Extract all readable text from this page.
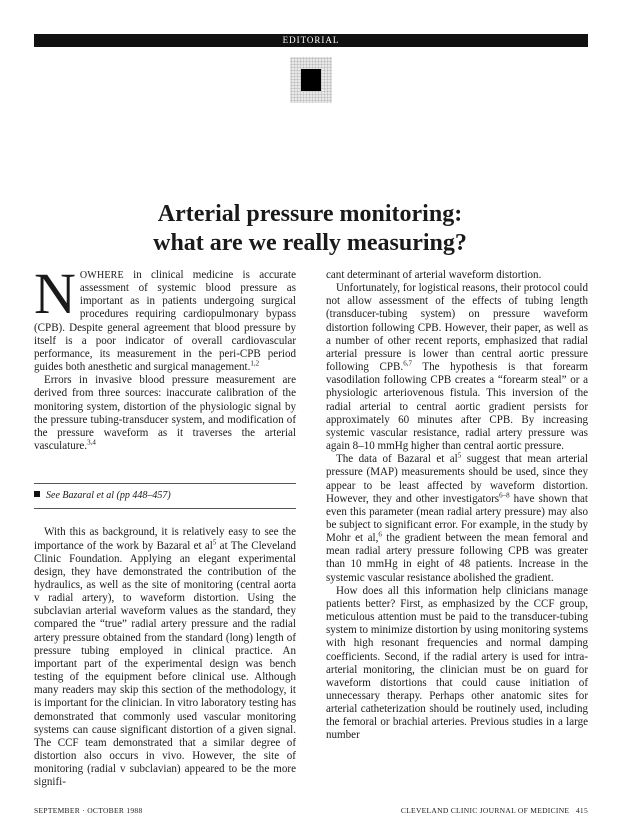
EDITORIAL
Arterial pressure monitoring:
what are we really measuring?

NOWHERE in clinical medicine is accurate assessment of systemic blood pressure as important as in patients undergoing surgical procedures requiring cardiopulmonary bypass (CPB). Despite general agreement that blood pressure by itself is a poor indicator of overall cardiovascular performance, its measurement in the peri-CPB period guides both anesthetic and surgical management.$^{1,2}$

Errors in invasive blood pressure measurement are derived from three sources: inaccurate calibration of the monitoring system, distortion of the physiologic signal by the pressure tubing-transducer system, and modification of the pressure waveform as it traverses the arterial vasculature.$^{3,4}$

See Bazaral et al (pp 448–457)

With this as background, it is relatively easy to see the importance of the work by Bazaral et $al^5$ at The Cleveland Clinic Foundation. Applying an elegant experimental design, they have demonstrated the contribution of the hydraulics, as well as the site of monitoring (central aorta v radial artery), to waveform distortion. Using the subclavian arterial waveform values as the standard, they compared the “true” radial artery pressure and the radial artery pressure obtained from the standard (long) length of pressure tubing employed in clinical practice. An important part of the experimental design was bench testing of the equipment before clinical use. Although many readers may skip this section of the methodology, it is important for the clinician. In vitro laboratory testing has demonstrated that commonly used vascular monitoring systems can cause significant distortion of a given signal. The CCF team demonstrated that a similar degree of distortion also occurs in vivo. However, the site of monitoring (radial v subclavian) appeared to be the more signifi-

cant determinant of arterial waveform distortion.

Unfortunately, for logistical reasons, their protocol could not allow assessment of the effects of tubing length (transducer-tubing system) on pressure waveform distortion following CPB. However, their paper, as well as a number of other recent reports, emphasized that radial arterial pressure is lower than central aortic pressure following CPB.$^{6,7}$ The hypothesis is that forearm vasodilation following CPB creates a “forearm steal” or a physiologic arteriovenous fistula. This inversion of the radial arterial to central aortic gradient persists for approximately 60 minutes after CPB. By increasing systemic vascular resistance, radial artery pressure was again 8–10 mmHg higher than central aortic pressure.

The data of Bazaral et $al^5$ suggest that mean arterial pressure (MAP) measurements should be used, since they appear to be least affected by waveform distortion. However, they and other investigators$^{6-8}$ have shown that even this parameter (mean radial artery pressure) may also be subject to significant error. For example, in the study by Mohr et al,$^6$ the gradient between the mean femoral and mean radial artery pressure following CPB was greater than 10 mmHg in eight of 48 patients. Increase in the systemic vascular resistance abolished the gradient.

How does all this information help clinicians manage patients better? First, as emphasized by the CCF group, meticulous attention must be paid to the transducer-tubing system to minimize distortion by using monitoring systems with high resonant frequencies and normal damping coefficients. Second, if the radial artery is used for intra-arterial monitoring, the clinician must be on guard for waveform distortions that could cause initiation of unnecessary therapy. Perhaps other anatomic sites for arterial catheterization should be routinely used, including the femoral or brachial arteries. Previous studies in a large number

SEPTEMBER · OCTOBER 1988	CLEVELAND CLINIC JOURNAL OF MEDICINE 415
